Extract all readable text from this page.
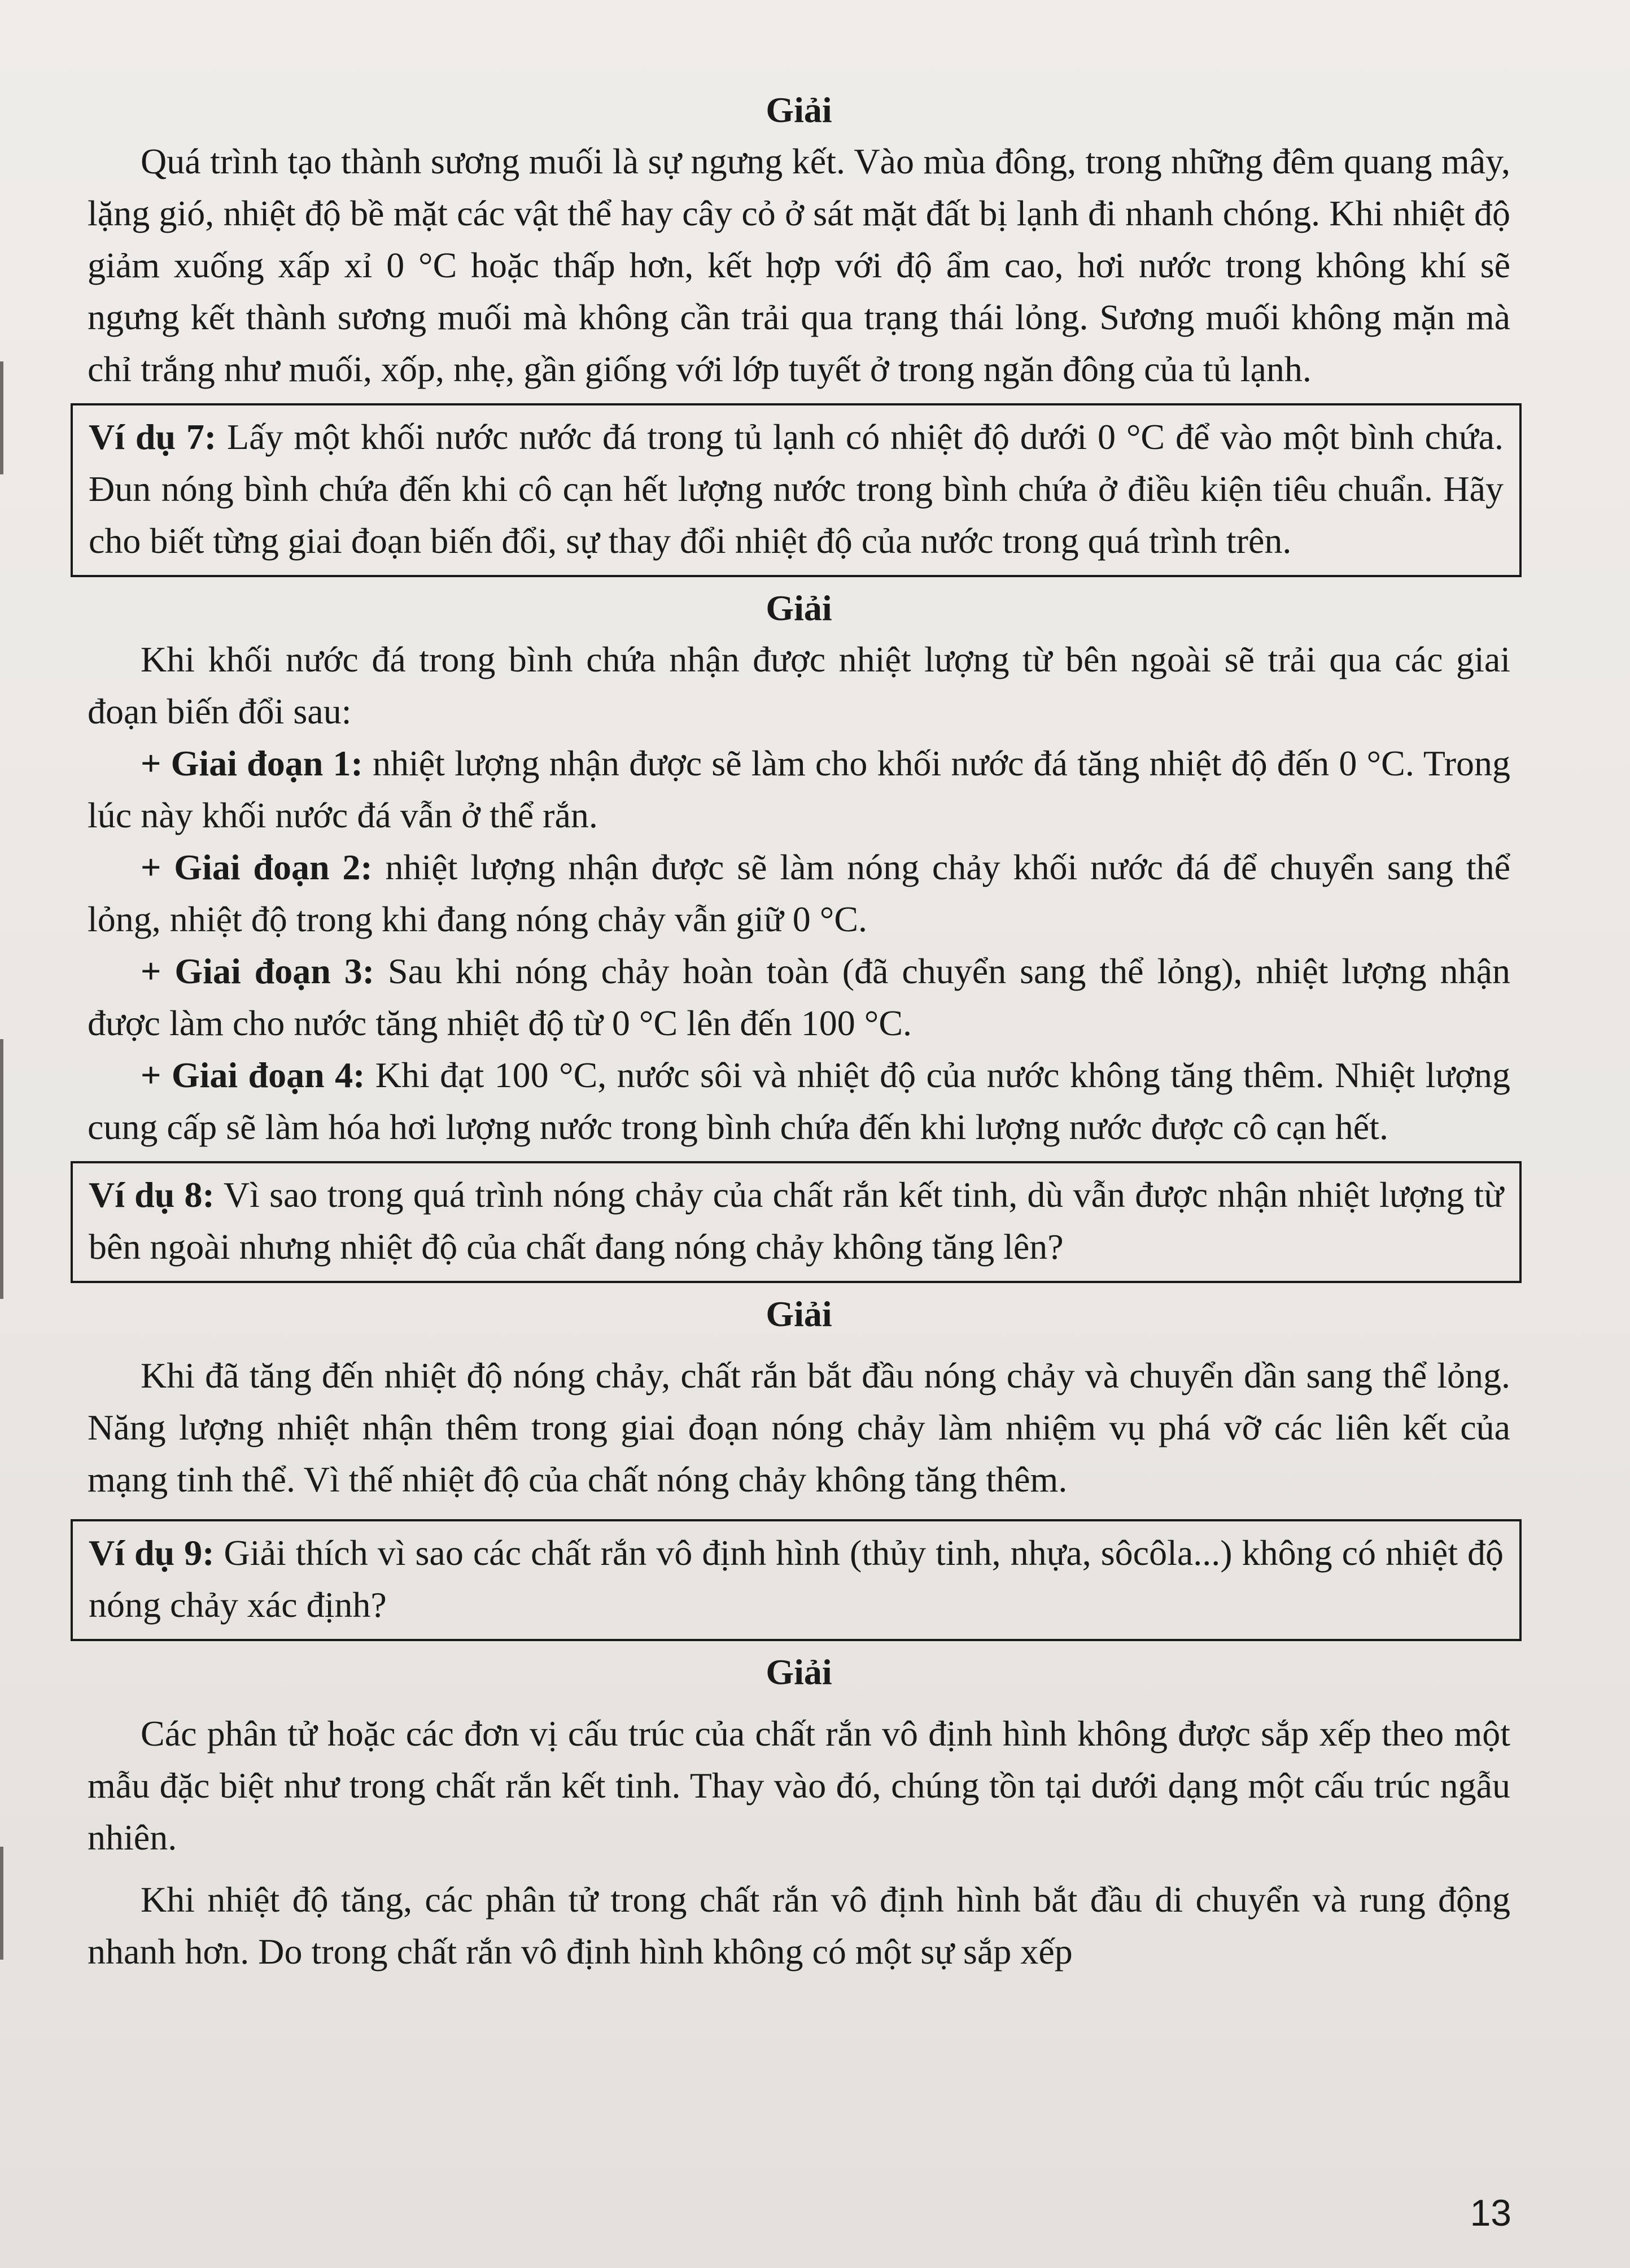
Giải

Quá trình tạo thành sương muối là sự ngưng kết. Vào mùa đông, trong những đêm quang mây, lặng gió, nhiệt độ bề mặt các vật thể hay cây cỏ ở sát mặt đất bị lạnh đi nhanh chóng. Khi nhiệt độ giảm xuống xấp xỉ 0 °C hoặc thấp hơn, kết hợp với độ ẩm cao, hơi nước trong không khí sẽ ngưng kết thành sương muối mà không cần trải qua trạng thái lỏng. Sương muối không mặn mà chỉ trắng như muối, xốp, nhẹ, gần giống với lớp tuyết ở trong ngăn đông của tủ lạnh.

Ví dụ 7: Lấy một khối nước nước đá trong tủ lạnh có nhiệt độ dưới 0 °C để vào một bình chứa. Đun nóng bình chứa đến khi cô cạn hết lượng nước trong bình chứa ở điều kiện tiêu chuẩn. Hãy cho biết từng giai đoạn biến đổi, sự thay đổi nhiệt độ của nước trong quá trình trên.

Giải

Khi khối nước đá trong bình chứa nhận được nhiệt lượng từ bên ngoài sẽ trải qua các giai đoạn biến đổi sau:

+ Giai đoạn 1: nhiệt lượng nhận được sẽ làm cho khối nước đá tăng nhiệt độ đến 0 °C. Trong lúc này khối nước đá vẫn ở thể rắn.

+ Giai đoạn 2: nhiệt lượng nhận được sẽ làm nóng chảy khối nước đá để chuyển sang thể lỏng, nhiệt độ trong khi đang nóng chảy vẫn giữ 0 °C.

+ Giai đoạn 3: Sau khi nóng chảy hoàn toàn (đã chuyển sang thể lỏng), nhiệt lượng nhận được làm cho nước tăng nhiệt độ từ 0 °C lên đến 100 °C.

+ Giai đoạn 4: Khi đạt 100 °C, nước sôi và nhiệt độ của nước không tăng thêm. Nhiệt lượng cung cấp sẽ làm hóa hơi lượng nước trong bình chứa đến khi lượng nước được cô cạn hết.

Ví dụ 8: Vì sao trong quá trình nóng chảy của chất rắn kết tinh, dù vẫn được nhận nhiệt lượng từ bên ngoài nhưng nhiệt độ của chất đang nóng chảy không tăng lên?

Giải

Khi đã tăng đến nhiệt độ nóng chảy, chất rắn bắt đầu nóng chảy và chuyển dần sang thể lỏng. Năng lượng nhiệt nhận thêm trong giai đoạn nóng chảy làm nhiệm vụ phá vỡ các liên kết của mạng tinh thể. Vì thế nhiệt độ của chất nóng chảy không tăng thêm.

Ví dụ 9: Giải thích vì sao các chất rắn vô định hình (thủy tinh, nhựa, sôcôla...) không có nhiệt độ nóng chảy xác định?

Giải

Các phân tử hoặc các đơn vị cấu trúc của chất rắn vô định hình không được sắp xếp theo một mẫu đặc biệt như trong chất rắn kết tinh. Thay vào đó, chúng tồn tại dưới dạng một cấu trúc ngẫu nhiên.

Khi nhiệt độ tăng, các phân tử trong chất rắn vô định hình bắt đầu di chuyển và rung động nhanh hơn. Do trong chất rắn vô định hình không có một sự sắp xếp

13
